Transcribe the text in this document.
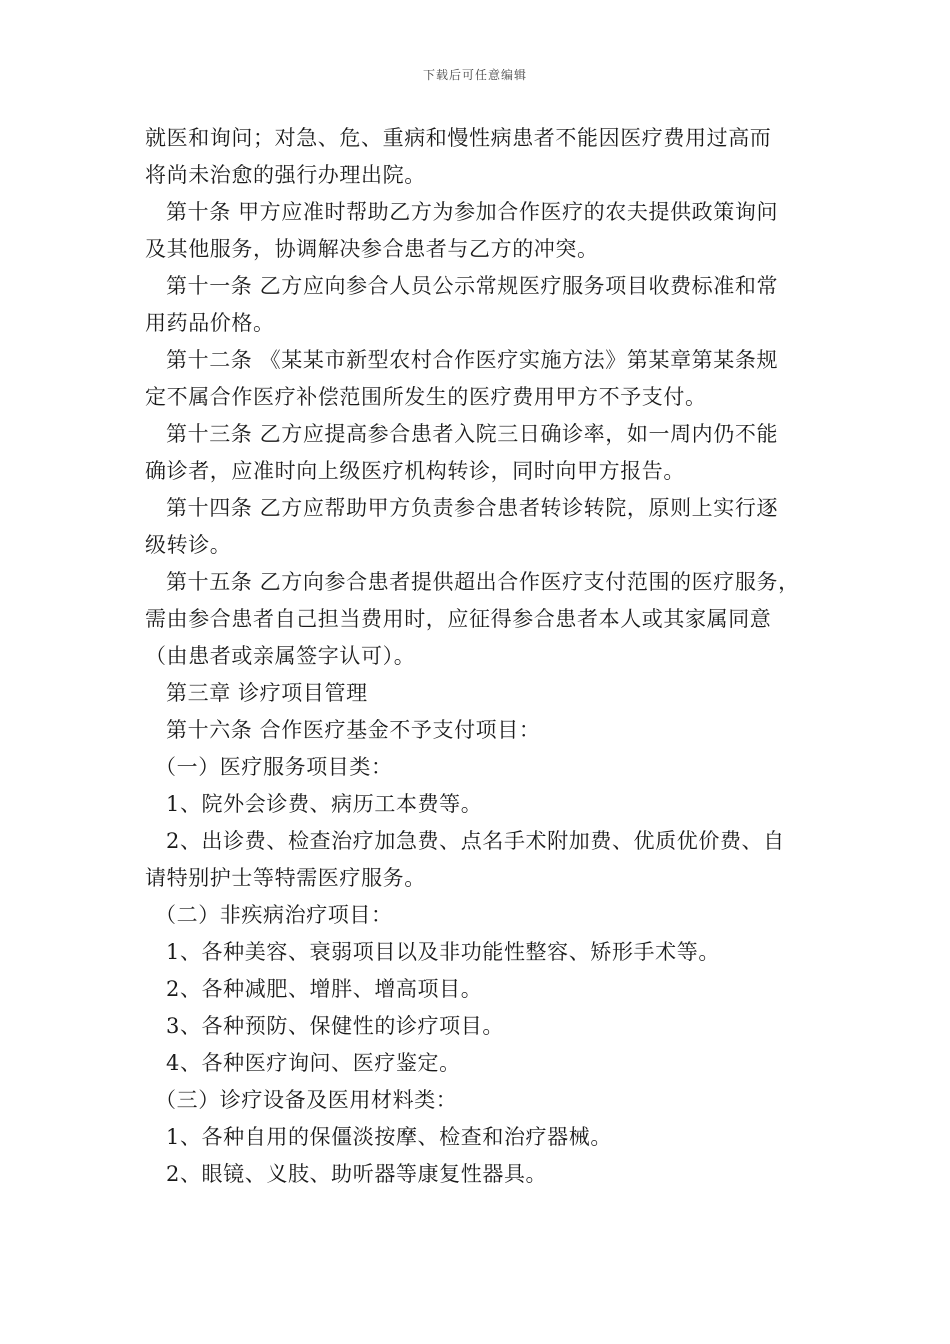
下载后可任意编辑
就医和询问；对急、危、重病和慢性病患者不能因医疗费用过高而
将尚未治愈的强行办理出院。
第十条 甲方应准时帮助乙方为参加合作医疗的农夫提供政策询问
及其他服务，协调解决参合患者与乙方的冲突。
第十一条 乙方应向参合人员公示常规医疗服务项目收费标准和常
用药品价格。
第十二条 《某某市新型农村合作医疗实施方法》第某章第某条规
定不属合作医疗补偿范围所发生的医疗费用甲方不予支付。
第十三条 乙方应提高参合患者入院三日确诊率，如一周内仍不能
确诊者，应准时向上级医疗机构转诊，同时向甲方报告。
第十四条 乙方应帮助甲方负责参合患者转诊转院，原则上实行逐
级转诊。
第十五条 乙方向参合患者提供超出合作医疗支付范围的医疗服务，
需由参合患者自己担当费用时，应征得参合患者本人或其家属同意
（由患者或亲属签字认可）。
第三章 诊疗项目管理
第十六条 合作医疗基金不予支付项目：
（一）医疗服务项目类：
1、院外会诊费、病历工本费等。
2、出诊费、检查治疗加急费、点名手术附加费、优质优价费、自
请特别护士等特需医疗服务。
（二）非疾病治疗项目：
1、各种美容、衰弱项目以及非功能性整容、矫形手术等。
2、各种减肥、增胖、增高项目。
3、各种预防、保健性的诊疗项目。
4、各种医疗询问、医疗鉴定。
（三）诊疗设备及医用材料类：
1、各种自用的保僵淡按摩、检查和治疗器械。
2、眼镜、义肢、助听器等康复性器具。
